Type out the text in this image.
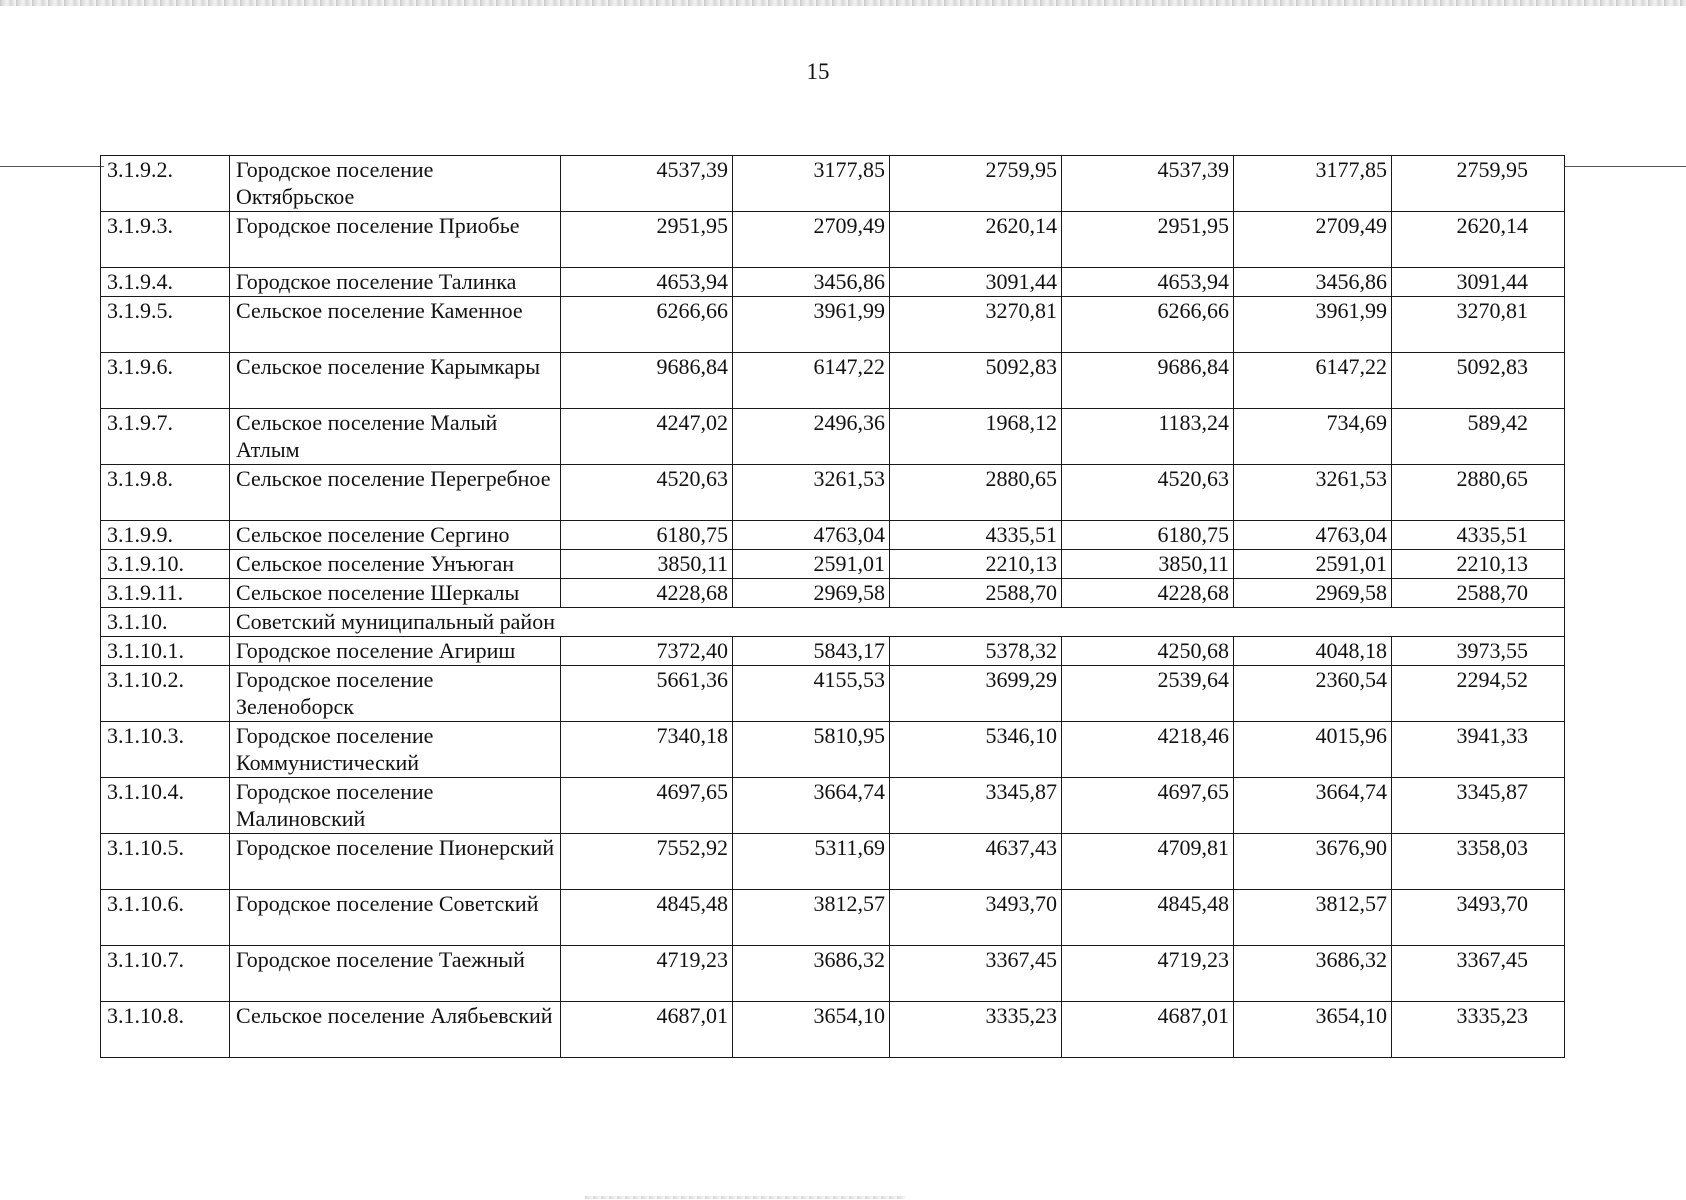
15
3.1.9.2.	Городское поселение Октябрьское	4537,39	3177,85	2759,95	4537,39	3177,85	2759,95
3.1.9.3.	Городское поселение Приобье	2951,95	2709,49	2620,14	2951,95	2709,49	2620,14
3.1.9.4.	Городское поселение Талинка	4653,94	3456,86	3091,44	4653,94	3456,86	3091,44
3.1.9.5.	Сельское поселение Каменное	6266,66	3961,99	3270,81	6266,66	3961,99	3270,81
3.1.9.6.	Сельское поселение Карымкары	9686,84	6147,22	5092,83	9686,84	6147,22	5092,83
3.1.9.7.	Сельское поселение Малый Атлым	4247,02	2496,36	1968,12	1183,24	734,69	589,42
3.1.9.8.	Сельское поселение Перегребное	4520,63	3261,53	2880,65	4520,63	3261,53	2880,65
3.1.9.9.	Сельское поселение Сергино	6180,75	4763,04	4335,51	6180,75	4763,04	4335,51
3.1.9.10.	Сельское поселение Унъюган	3850,11	2591,01	2210,13	3850,11	2591,01	2210,13
3.1.9.11.	Сельское поселение Шеркалы	4228,68	2969,58	2588,70	4228,68	2969,58	2588,70
3.1.10.	Советский муниципальный район						
3.1.10.1.	Городское поселение Агириш	7372,40	5843,17	5378,32	4250,68	4048,18	3973,55
3.1.10.2.	Городское поселение Зеленоборск	5661,36	4155,53	3699,29	2539,64	2360,54	2294,52
3.1.10.3.	Городское поселение Коммунистический	7340,18	5810,95	5346,10	4218,46	4015,96	3941,33
3.1.10.4.	Городское поселение Малиновский	4697,65	3664,74	3345,87	4697,65	3664,74	3345,87
3.1.10.5.	Городское поселение Пионерский	7552,92	5311,69	4637,43	4709,81	3676,90	3358,03
3.1.10.6.	Городское поселение Советский	4845,48	3812,57	3493,70	4845,48	3812,57	3493,70
3.1.10.7.	Городское поселение Таежный	4719,23	3686,32	3367,45	4719,23	3686,32	3367,45
3.1.10.8.	Сельское поселение Алябьевский	4687,01	3654,10	3335,23	4687,01	3654,10	3335,23
